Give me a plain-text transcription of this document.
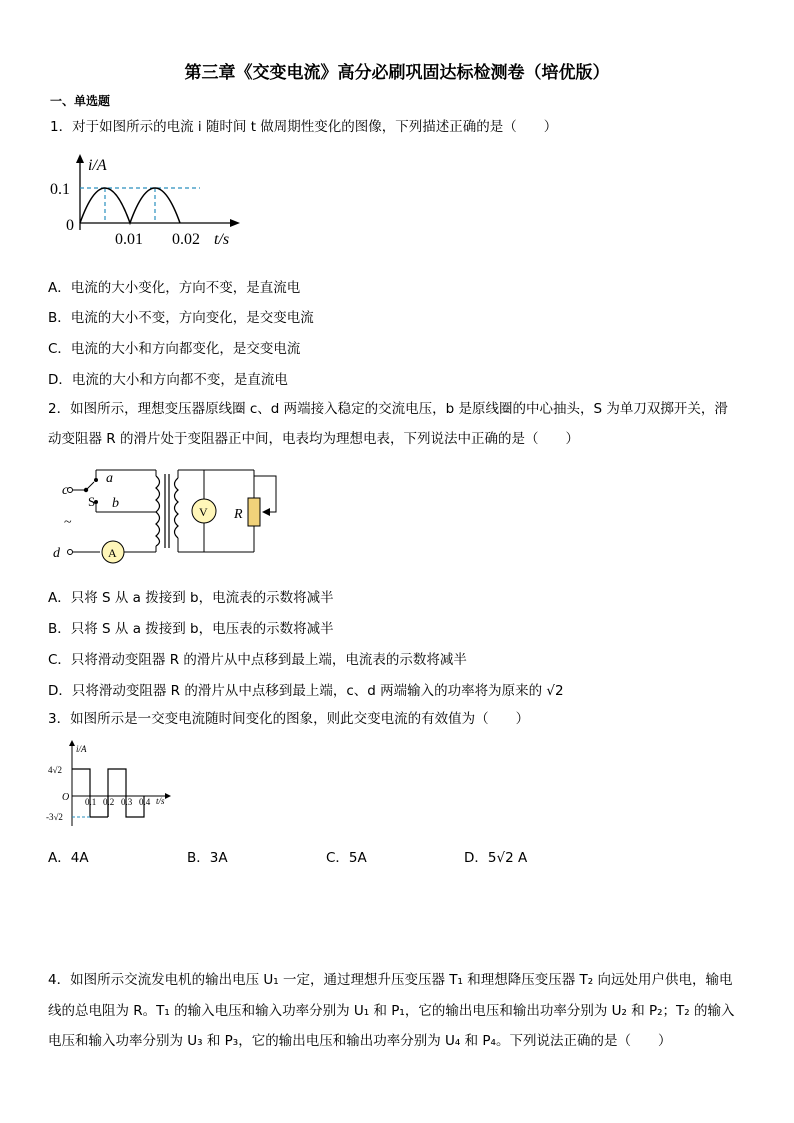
第三章《交变电流》高分必刷巩固达标检测卷（培优版）
一、单选题
1．对于如图所示的电流 i 随时间 t 做周期性变化的图像，下列描述正确的是（　　）
i/A
0.1
0
0.01 0.02 t/s
A．电流的大小变化，方向不变，是直流电
B．电流的大小不变，方向变化，是交变电流
C．电流的大小和方向都变化，是交变电流
D．电流的大小和方向都不变，是直流电
2．如图所示，理想变压器原线圈 c、d 两端接入稳定的交流电压，b 是原线圈的中心抽头，S 为单刀双掷开关，滑
动变阻器 R 的滑片处于变阻器正中间，电表均为理想电表，下列说法中正确的是（　　）
c
d
a
b
S
~
A
V R
A．只将 S 从 a 拨接到 b，电流表的示数将减半
B．只将 S 从 a 拨接到 b，电压表的示数将减半
C．只将滑动变阻器 R 的滑片从中点移到最上端，电流表的示数将减半
D．只将滑动变阻器 R 的滑片从中点移到最上端，c、d 两端输入的功率将为原来的 √2
3．如图所示是一交变电流随时间变化的图象，则此交变电流的有效值为（　　）
i/A
4√2
-3√2
O 0.1 0.2 0.3 0.4 t/s
A．4A	B．3A	C．5A	D．5√2 A
4．如图所示交流发电机的输出电压 U₁ 一定，通过理想升压变压器 T₁ 和理想降压变压器 T₂ 向远处用户供电，输电
线的总电阻为 R。T₁ 的输入电压和输入功率分别为 U₁ 和 P₁，它的输出电压和输出功率分别为 U₂ 和 P₂；T₂ 的输入
电压和输入功率分别为 U₃ 和 P₃，它的输出电压和输出功率分别为 U₄ 和 P₄。下列说法正确的是（　　）
